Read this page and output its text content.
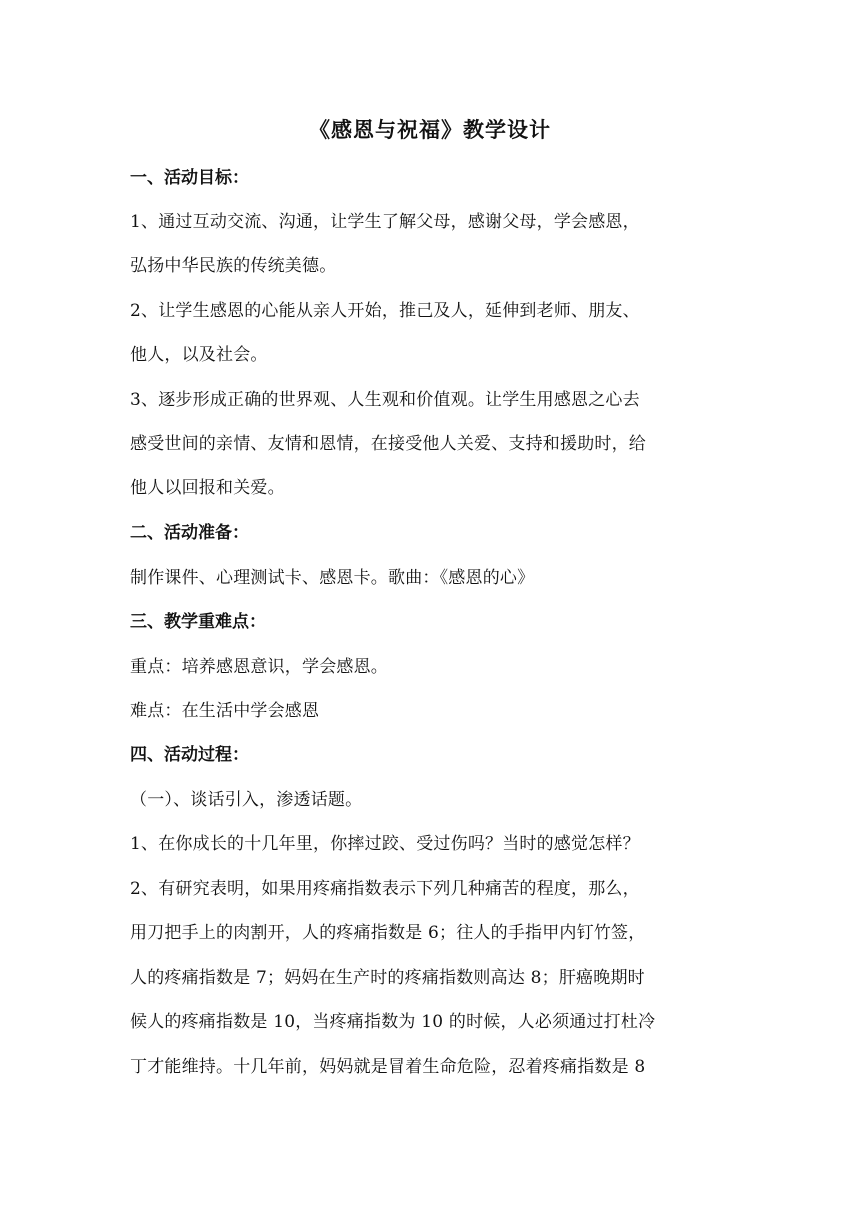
《感恩与祝福》教学设计
一、活动目标：
1、通过互动交流、沟通，让学生了解父母，感谢父母，学会感恩，
弘扬中华民族的传统美德。
2、让学生感恩的心能从亲人开始，推己及人，延伸到老师、朋友、
他人，以及社会。
3、逐步形成正确的世界观、人生观和价值观。让学生用感恩之心去
感受世间的亲情、友情和恩情，在接受他人关爱、支持和援助时，给
他人以回报和关爱。
二、活动准备：
制作课件、心理测试卡、感恩卡。歌曲：《感恩的心》
三、教学重难点：
重点：培养感恩意识，学会感恩。
难点：在生活中学会感恩
四、活动过程：
（一）、谈话引入，渗透话题。
1、在你成长的十几年里，你摔过跤、受过伤吗？当时的感觉怎样？
2、有研究表明，如果用疼痛指数表示下列几种痛苦的程度，那么，
用刀把手上的肉割开，人的疼痛指数是 6；往人的手指甲内钉竹签，
人的疼痛指数是 7；妈妈在生产时的疼痛指数则高达 8；肝癌晚期时
候人的疼痛指数是 10，当疼痛指数为 10 的时候，人必须通过打杜冷
丁才能维持。十几年前，妈妈就是冒着生命危险，忍着疼痛指数是 8
